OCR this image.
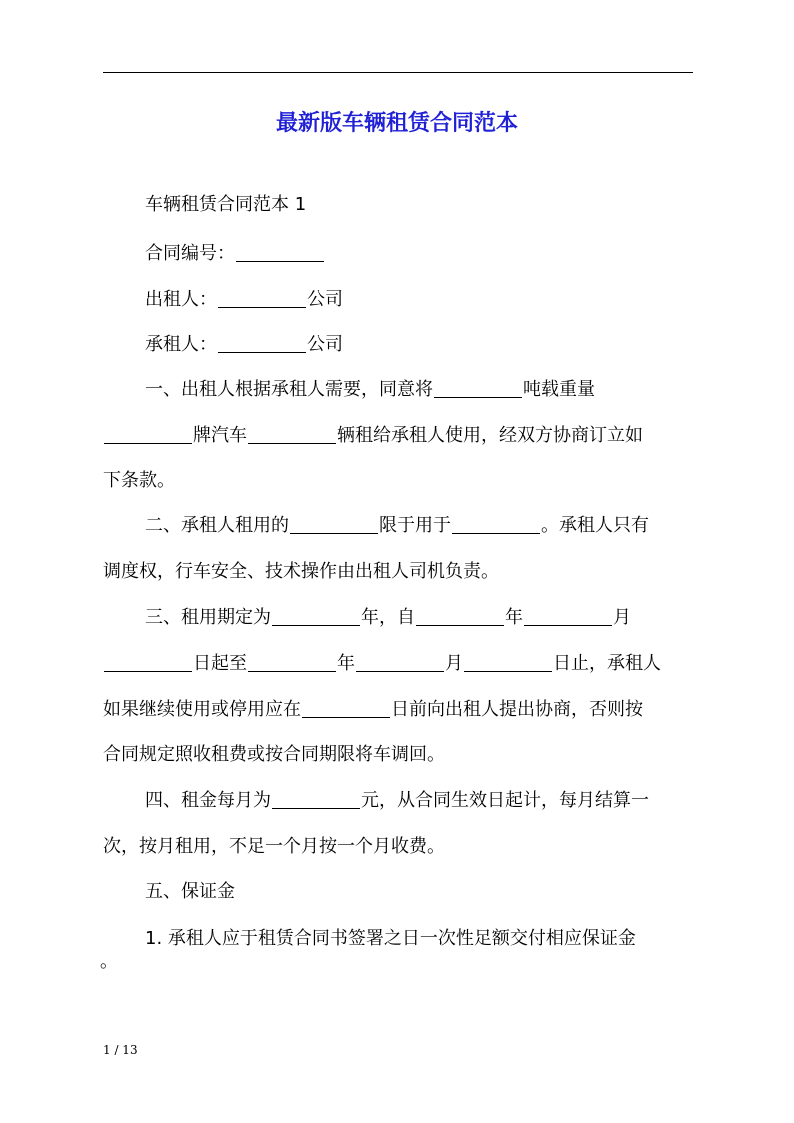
最新版车辆租赁合同范本
车辆租赁合同范本 1
合同编号：
出租人：	公司
承租人：	公司
一、出租人根据承租人需要，同意将	吨载重量
牌汽车	辆租给承租人使用，经双方协商订立如
下条款。
二、承租人租用的	限于用于	。承租人只有
调度权，行车安全、技术操作由出租人司机负责。
三、租用期定为	年，自	年	月
日起至	年	月	日止，承租人
如果继续使用或停用应在	日前向出租人提出协商，否则按
合同规定照收租费或按合同期限将车调回。
四、租金每月为	元，从合同生效日起计，每月结算一
次，按月租用，不足一个月按一个月收费。
五、保证金
1. 承租人应于租赁合同书签署之日一次性足额交付相应保证金
。
1 / 13
